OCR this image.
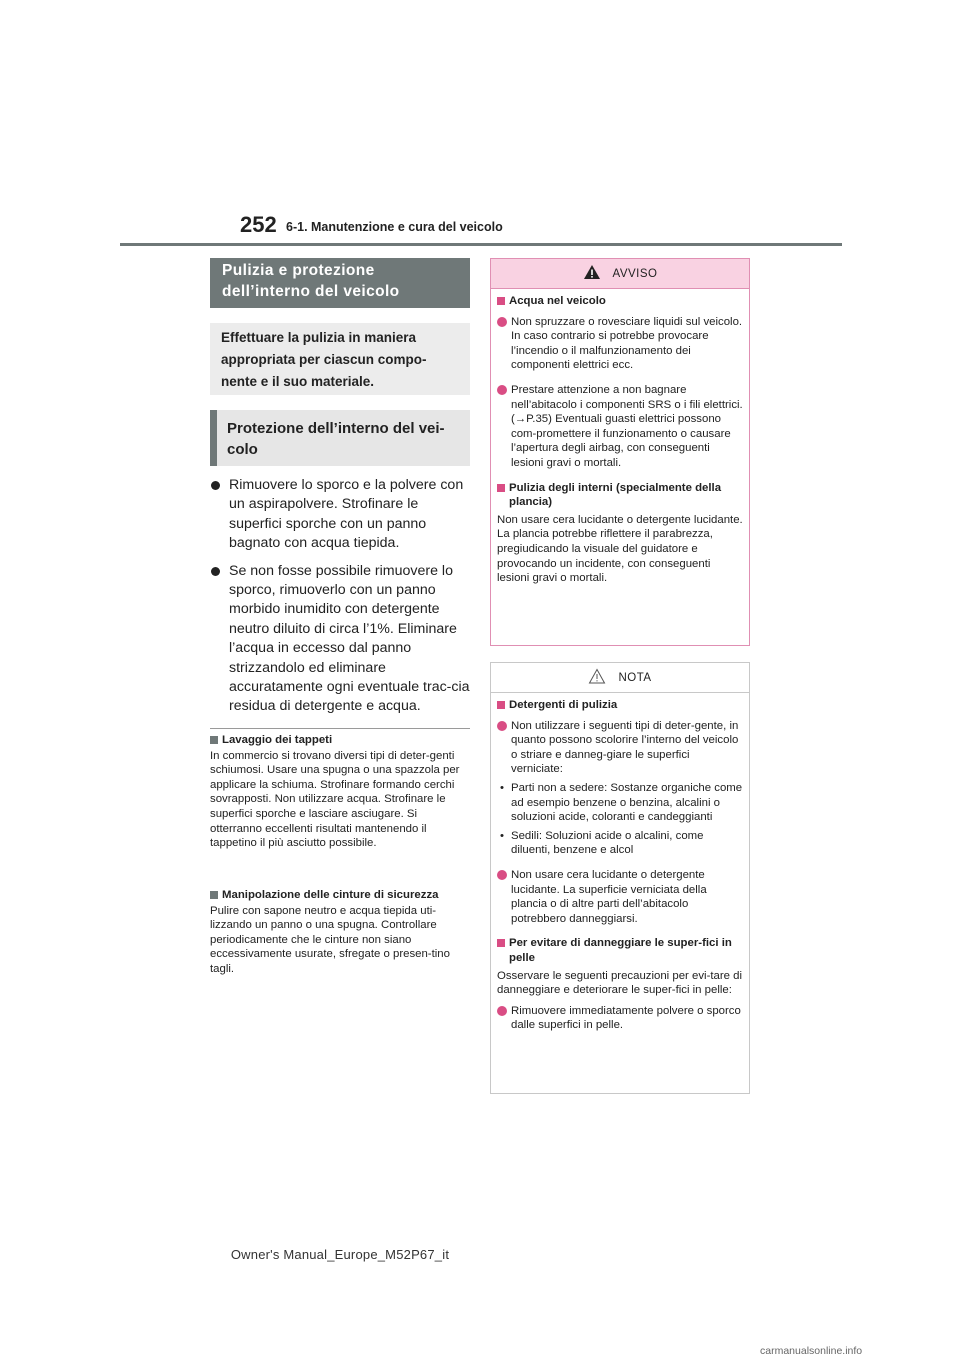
252 6-1. Manutenzione e cura del veicolo
Pulizia e protezione dell’interno del veicolo
Effettuare la pulizia in maniera appropriata per ciascun compo-nente e il suo materiale.
Protezione dell’interno del vei-colo
Rimuovere lo sporco e la polvere con un aspirapolvere. Strofinare le superfici sporche con un panno bagnato con acqua tiepida.
Se non fosse possibile rimuovere lo sporco, rimuoverlo con un panno morbido inumidito con detergente neutro diluito di circa l’1%. Eliminare l’acqua in eccesso dal panno strizzandolo ed eliminare accuratamente ogni eventuale trac-cia residua di detergente e acqua.
Lavaggio dei tappeti
In commercio si trovano diversi tipi di deter-genti schiumosi. Usare una spugna o una spazzola per applicare la schiuma. Strofinare formando cerchi sovrapposti. Non utilizzare acqua. Strofinare le superfici sporche e lasciare asciugare. Si otterranno eccellenti risultati mantenendo il tappetino il più asciutto possibile.
Manipolazione delle cinture di sicurezza
Pulire con sapone neutro e acqua tiepida uti-lizzando un panno o una spugna. Controllare periodicamente che le cinture non siano eccessivamente usurate, sfregate o presen-tino tagli.
AVVISO
Acqua nel veicolo
Non spruzzare o rovesciare liquidi sul veicolo. In caso contrario si potrebbe provocare l’incendio o il malfunzionamento dei componenti elettrici ecc.
Prestare attenzione a non bagnare nell’abitacolo i componenti SRS o i fili elettrici. (→P.35) Eventuali guasti elettrici possono com-promettere il funzionamento o causare l’apertura degli airbag, con conseguenti lesioni gravi o mortali.
Pulizia degli interni (specialmente della plancia)
Non usare cera lucidante o detergente lucidante. La plancia potrebbe riflettere il parabrezza, pregiudicando la visuale del guidatore e provocando un incidente, con conseguenti lesioni gravi o mortali.
NOTA
Detergenti di pulizia
Non utilizzare i seguenti tipi di deter-gente, in quanto possono scolorire l’interno del veicolo o striare e danneg-giare le superfici verniciate:
• Parti non a sedere: Sostanze organiche come ad esempio benzene o benzina, alcalini o soluzioni acide, coloranti e candeggianti
• Sedili: Soluzioni acide o alcalini, come diluenti, benzene e alcol
Non usare cera lucidante o detergente lucidante. La superficie verniciata della plancia o di altre parti dell’abitacolo potrebbero danneggiarsi.
Per evitare di danneggiare le super-fici in pelle
Osservare le seguenti precauzioni per evi-tare di danneggiare e deteriorare le super-fici in pelle:
Rimuovere immediatamente polvere o sporco dalle superfici in pelle.
Owner's Manual_Europe_M52P67_it
carmanualsonline.info
